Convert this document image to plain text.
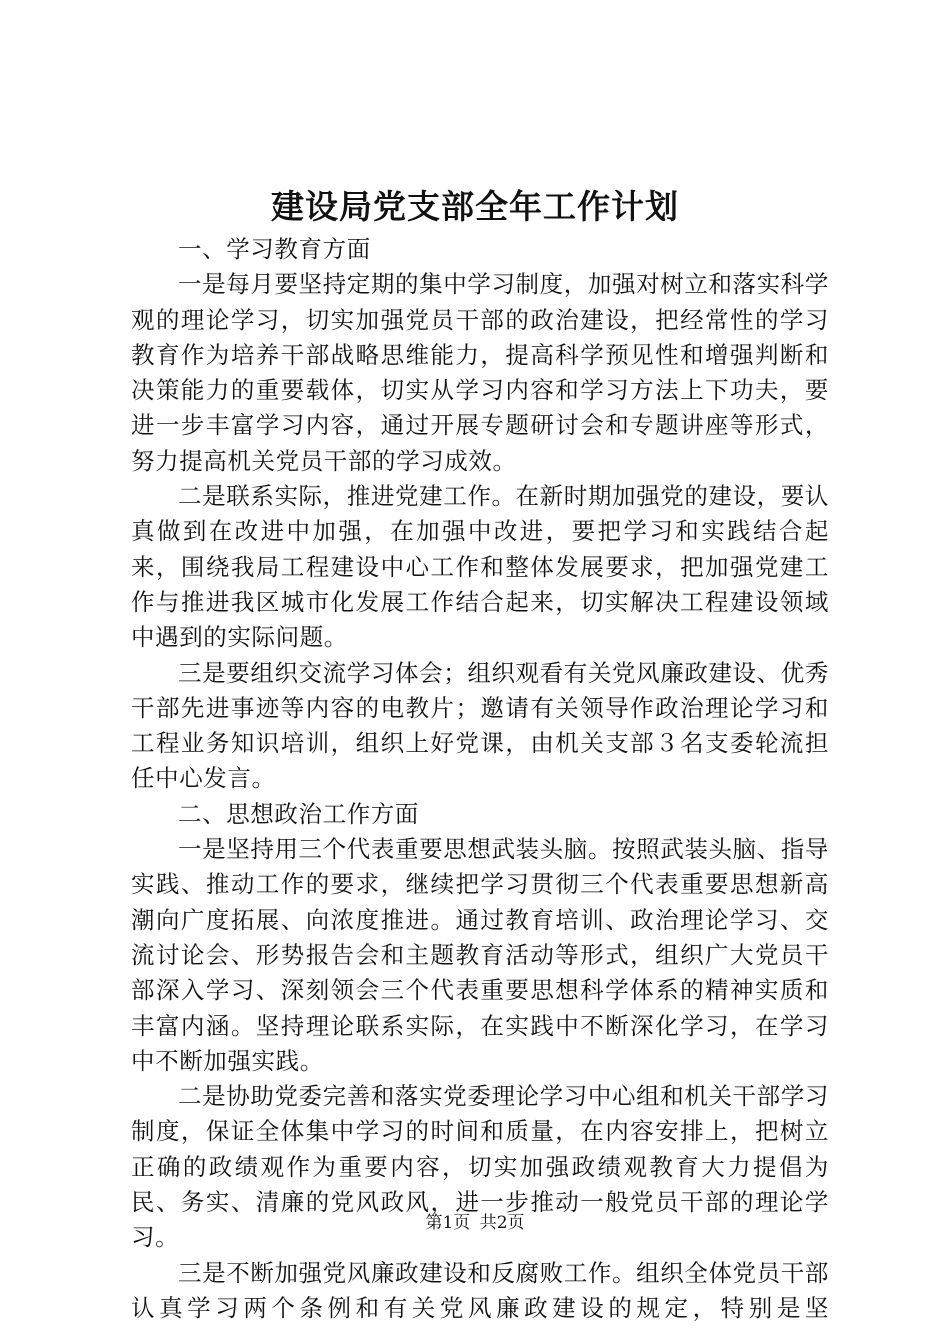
建设局党支部全年工作计划

一、学习教育方面

一是每月要坚持定期的集中学习制度，加强对树立和落实科学观的理论学习，切实加强党员干部的政治建设，把经常性的学习教育作为培养干部战略思维能力，提高科学预见性和增强判断和决策能力的重要载体，切实从学习内容和学习方法上下功夫，要进一步丰富学习内容，通过开展专题研讨会和专题讲座等形式，努力提高机关党员干部的学习成效。

二是联系实际，推进党建工作。在新时期加强党的建设，要认真做到在改进中加强，在加强中改进，要把学习和实践结合起来，围绕我局工程建设中心工作和整体发展要求，把加强党建工作与推进我区城市化发展工作结合起来，切实解决工程建设领域中遇到的实际问题。

三是要组织交流学习体会；组织观看有关党风廉政建设、优秀干部先进事迹等内容的电教片；邀请有关领导作政治理论学习和工程业务知识培训，组织上好党课，由机关支部３名支委轮流担任中心发言。

二、思想政治工作方面

一是坚持用三个代表重要思想武装头脑。按照武装头脑、指导实践、推动工作的要求，继续把学习贯彻三个代表重要思想新高潮向广度拓展、向浓度推进。通过教育培训、政治理论学习、交流讨论会、形势报告会和主题教育活动等形式，组织广大党员干部深入学习、深刻领会三个代表重要思想科学体系的精神实质和丰富内涵。坚持理论联系实际，在实践中不断深化学习，在学习中不断加强实践。

二是协助党委完善和落实党委理论学习中心组和机关干部学习制度，保证全体集中学习的时间和质量，在内容安排上，把树立正确的政绩观作为重要内容，切实加强政绩观教育大力提倡为民、务实、清廉的党风政风，进一步推动一般党员干部的理论学习。

三是不断加强党风廉政建设和反腐败工作。组织全体党员干部认真学习两个条例和有关党风廉政建设的规定，特别是坚

第1页 共2页
